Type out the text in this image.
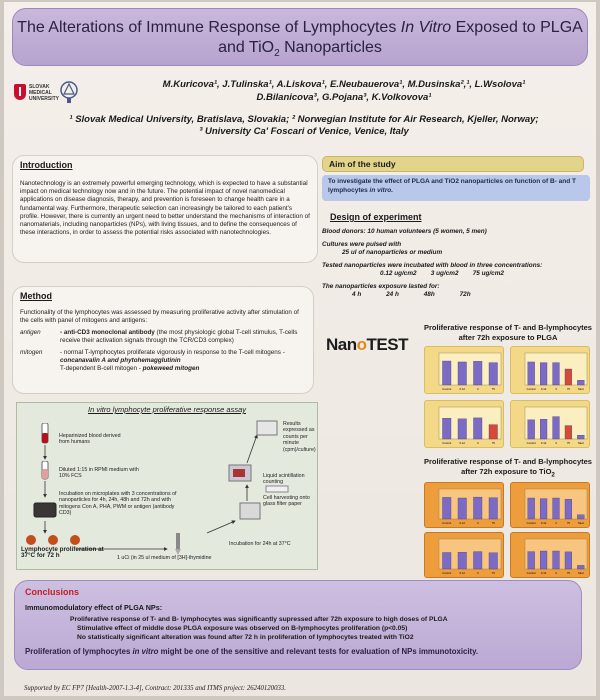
The Alterations of Immune Response of Lymphocytes In Vitro Exposed to PLGA
and TiO$_2$ Nanoparticles
SLOVAK MEDICAL UNIVERSITY
M.Kuricova¹, J.Tulinska¹, A.Liskova¹, E.Neubauerova¹, M.Dusinska²,¹, L.Wsolova¹
D.Bilanicova³, G.Pojana³, K.Volkovova¹
¹ Slovak Medical University, Bratislava, Slovakia; ² Norwegian Institute for Air Research, Kjeller, Norway;
³ University Ca' Foscari of Venice, Venice, Italy
Introduction

Nanotechnology is an extremely powerful emerging technology, which is expected to have a substantial impact on medical technology now and in the future. The potential impact of novel nanomedical applications on disease diagnosis, therapy, and prevention is foreseen to change health care in a fundamental way. Furthermore, therapeutic selection can increasingly be tailored to each patient's profile. However, there is currently an urgent need to better understand the mechanisms of interaction of nanomaterials, including nanoparticles (NPs), with living tissues, and to define the consequences of these interactions, in order to assess the potential risks associated with nanotechnologies.

Aim of the study
To investigate the effect of PLGA and TiO2 nanoparticles on function of B- and T lymphocytes in vitro.
Design of experiment
Blood donors: 10 human volunteers (5 women, 5 men)
Cultures were pulsed with
25 ul of nanoparticles or medium
Tested nanoparticles were incubated with blood in three concentrations:
0.12 ug/cm2        3 ug/cm2        75 ug/cm2
The nanoparticles exposure lasted for:
4 h              24 h              48h              72h
Method

Functionality of the lymphocytes was assessed by measuring proliferative activity after stimulation of the cells with panel of mitogens and antigens:

antigen	- anti-CD3 monoclonal antibody (the most physiologic global T-cell stimulus, T-cells receive their activation signals through the TCR/CD3 complex)

mitogen	- normal T-lymphocytes proliferate vigorously in response to the T-cell mitogens - concanavalin A and phytohemagglutinin
T-dependent B-cell mitogen - pokeweed mitogen

NanoTEST
Proliferative response of T- and B-lymphocytes after 72h exposure to PLGA
Proliferative response of T- and B-lymphocytes after 72h exposure to TiO$_2$
Control	0.12	3	75	Control 0.12	3	75	Med
Control	0.12	3	75	Control 0.12	3	75	Med
Control	0.12	3	75	Control 0.12	3	75	Med
Control	0.12	3	75	Control 0.12	3	75	Med
In vitro lymphocyte proliferative response assay
Heparinized blood derived from humans
Diluted 1:15 in RPMI medium with 10% FCS
Incubation on microplates with 3 concentrations of nanoparticles for 4h, 24h, 48h and 72h and with mitogens Con A, PHA, PWM or antigen (antibody CD3)
Lymphocyte proliferation at 37°C for 72 h	1 uCi (in 25 ul medium of [3H]-thymidine
Incubation for 24h at 37°C
Cell harvesting onto glass filter paper
Liquid scintillation counting
Results expressed as counts per minute (cpm)/culture)
Conclusions
Immunomodulatory effect of PLGA NPs:
Proliferative response of T- and B- lymphocytes was significantly supressed after 72h exposure to high doses of PLGA
Stimulative effect of middle dose PLGA exposure was observed on B-lymphocytes proliferation (p<0.05)
No statistically significant alteration was found after 72 h in proliferation of lymphocytes treated with TiO2
Proliferation of lymphocytes in vitro might be one of the sensitive and relevant tests for evaluation of NPs immunotoxicity.
Supported by EC FP7 [Health-2007-1.3-4], Contract: 201335 and ITMS project: 26240120033.
